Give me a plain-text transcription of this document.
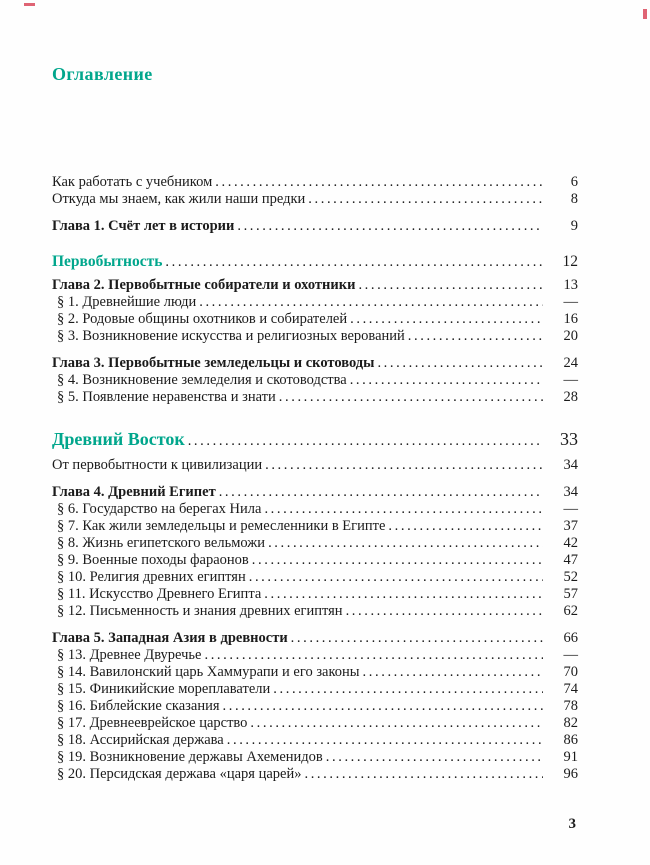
Оглавление
Как работать с учебником .....	6
Откуда мы знаем, как жили наши предки .....	8
Глава 1. Счёт лет в истории .....	9
Первобытность .....	12
Глава 2. Первобытные собиратели и охотники .....	13
§ 1. Древнейшие люди .....	—
§ 2. Родовые общины охотников и собирателей .....	16
§ 3. Возникновение искусства и религиозных верований .....	20
Глава 3. Первобытные земледельцы и скотоводы .....	24
§ 4. Возникновение земледелия и скотоводства .....	—
§ 5. Появление неравенства и знати .....	28
Древний Восток .....	33
От первобытности к цивилизации .....	34
Глава 4. Древний Египет .....	34
§ 6. Государство на берегах Нила .....	—
§ 7. Как жили земледельцы и ремесленники в Египте .....	37
§ 8. Жизнь египетского вельможи .....	42
§ 9. Военные походы фараонов .....	47
§ 10. Религия древних египтян .....	52
§ 11. Искусство Древнего Египта .....	57
§ 12. Письменность и знания древних египтян .....	62
Глава 5. Западная Азия в древности .....	66
§ 13. Древнее Двуречье .....	—
§ 14. Вавилонский царь Хаммурапи и его законы .....	70
§ 15. Финикийские мореплаватели .....	74
§ 16. Библейские сказания .....	78
§ 17. Древнееврейское царство .....	82
§ 18. Ассирийская держава .....	86
§ 19. Возникновение державы Ахеменидов .....	91
§ 20. Персидская держава «царя царей» .....	96
3
